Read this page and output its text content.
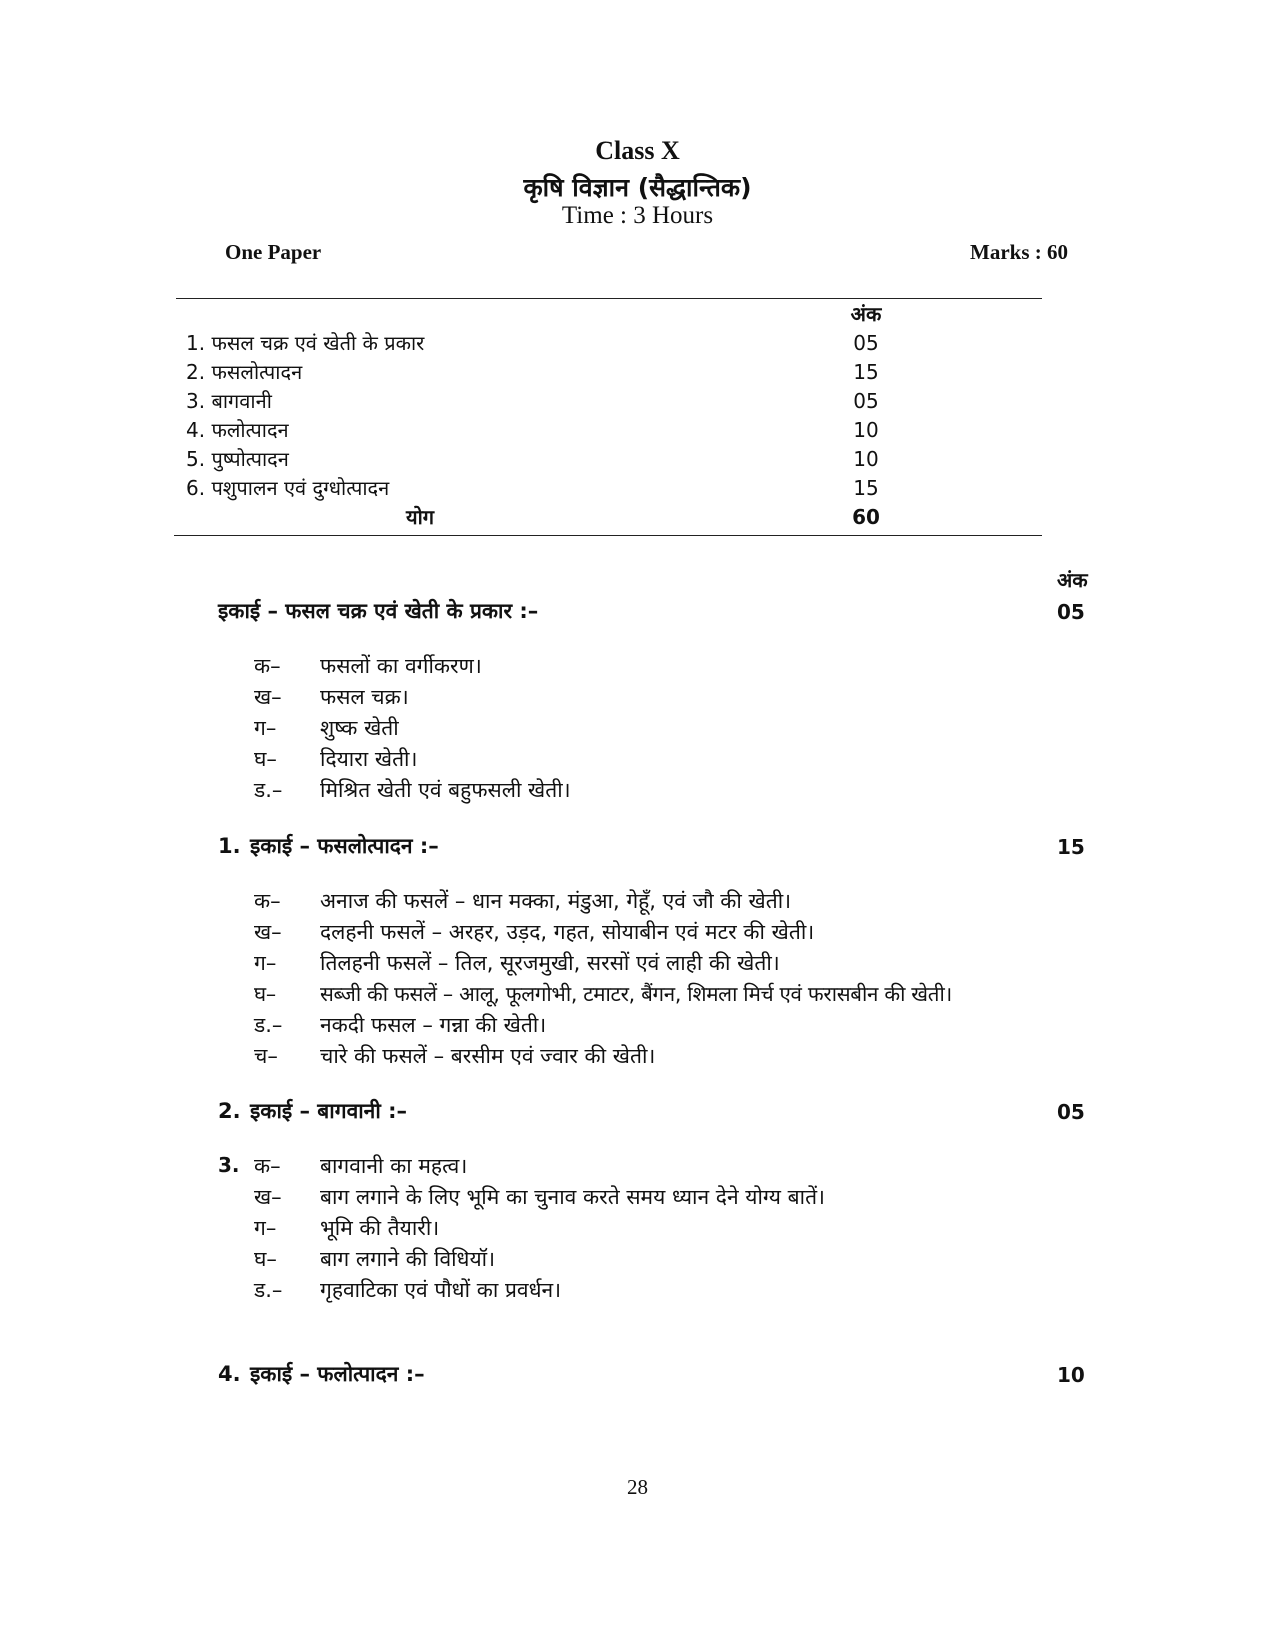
Class X
कृषि विज्ञान (सैद्धान्तिक)
Time : 3 Hours
One Paper	Marks : 60
अंक
1. फसल चक्र एवं खेती के प्रकार	05
2. फसलोत्पादन	15
3. बागवानी	05
4. फलोत्पादन	10
5. पुष्पोत्पादन	10
6. पशुपालन एवं दुग्धोत्पादन	15
योग	60
अंक
इकाई – फसल चक्र एवं खेती के प्रकार :–	05
क– फसलों का वर्गीकरण।
ख– फसल चक्र।
ग– शुष्क खेती
घ– दियारा खेती।
ड.– मिश्रित खेती एवं बहुफसली खेती।
1. इकाई – फसलोत्पादन :–	15
क– अनाज की फसलें – धान मक्का, मंडुआ, गेहूँ, एवं जौ की खेती।
ख– दलहनी फसलें – अरहर, उड़द, गहत, सोयाबीन एवं मटर की खेती।
ग– तिलहनी फसलें – तिल, सूरजमुखी, सरसों एवं लाही की खेती।
घ– सब्जी की फसलें – आलू, फूलगोभी, टमाटर, बैंगन, शिमला मिर्च एवं फरासबीन की खेती।
ड.– नकदी फसल – गन्ना की खेती।
च– चारे की फसलें – बरसीम एवं ज्वार की खेती।
2. इकाई – बागवानी :–	05
3. क– बागवानी का महत्व।
ख– बाग लगाने के लिए भूमि का चुनाव करते समय ध्यान देने योग्य बातें।
ग– भूमि की तैयारी।
घ– बाग लगाने की विधियॉ।
ड.– गृहवाटिका एवं पौधों का प्रवर्धन।
4. इकाई – फलोत्पादन :–	10
28
